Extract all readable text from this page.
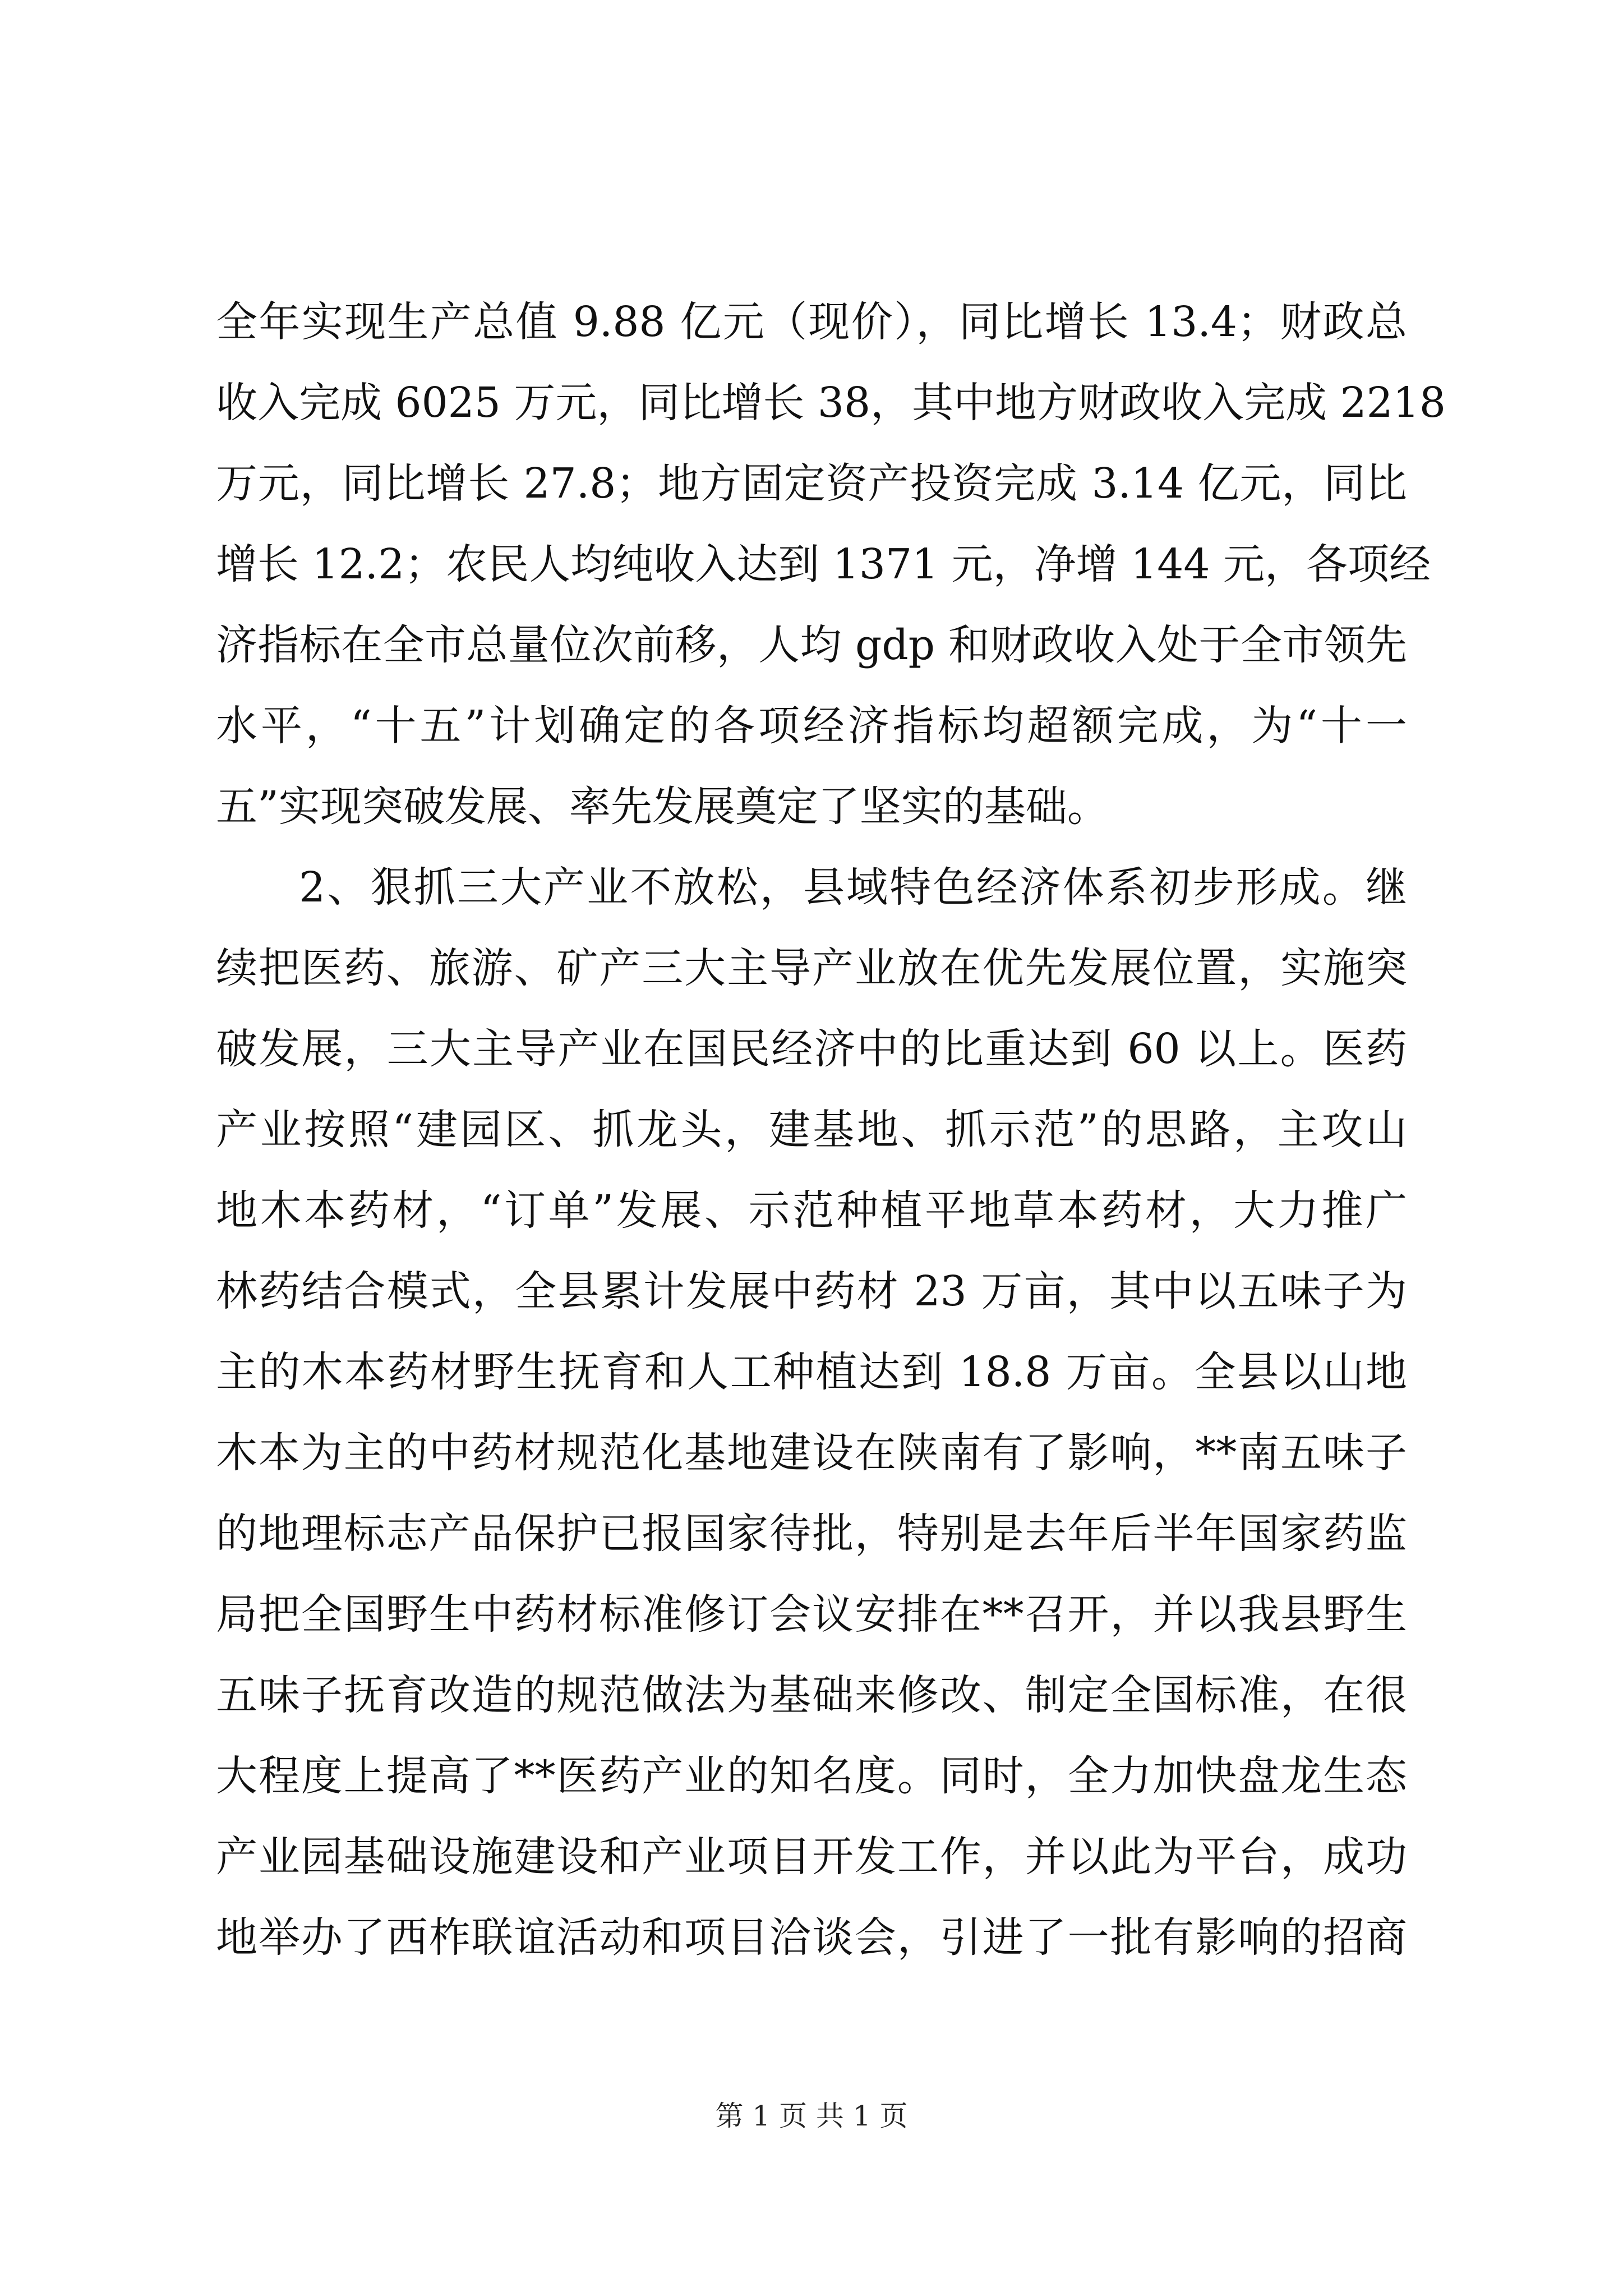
全年实现生产总值 9.88 亿元（现价），同比增长 13.4；财政总
收入完成 6025 万元，同比增长 38，其中地方财政收入完成 2218
万元，同比增长 27.8；地方固定资产投资完成 3.14 亿元，同比
增长 12.2；农民人均纯收入达到 1371 元，净增 144 元，各项经
济指标在全市总量位次前移，人均 gdp 和财政收入处于全市领先
水平，“十五”计划确定的各项经济指标均超额完成，为“十一
五”实现突破发展、率先发展奠定了坚实的基础。
2、狠抓三大产业不放松，县域特色经济体系初步形成。继
续把医药、旅游、矿产三大主导产业放在优先发展位置，实施突
破发展，三大主导产业在国民经济中的比重达到 60 以上。医药
产业按照“建园区、抓龙头，建基地、抓示范”的思路，主攻山
地木本药材，“订单”发展、示范种植平地草本药材，大力推广
林药结合模式，全县累计发展中药材 23 万亩，其中以五味子为
主的木本药材野生抚育和人工种植达到 18.8 万亩。全县以山地
木本为主的中药材规范化基地建设在陕南有了影响，**南五味子
的地理标志产品保护已报国家待批，特别是去年后半年国家药监
局把全国野生中药材标准修订会议安排在**召开，并以我县野生
五味子抚育改造的规范做法为基础来修改、制定全国标准，在很
大程度上提高了**医药产业的知名度。同时，全力加快盘龙生态
产业园基础设施建设和产业项目开发工作，并以此为平台，成功
地举办了西柞联谊活动和项目洽谈会，引进了一批有影响的招商
第 1 页 共 1 页
